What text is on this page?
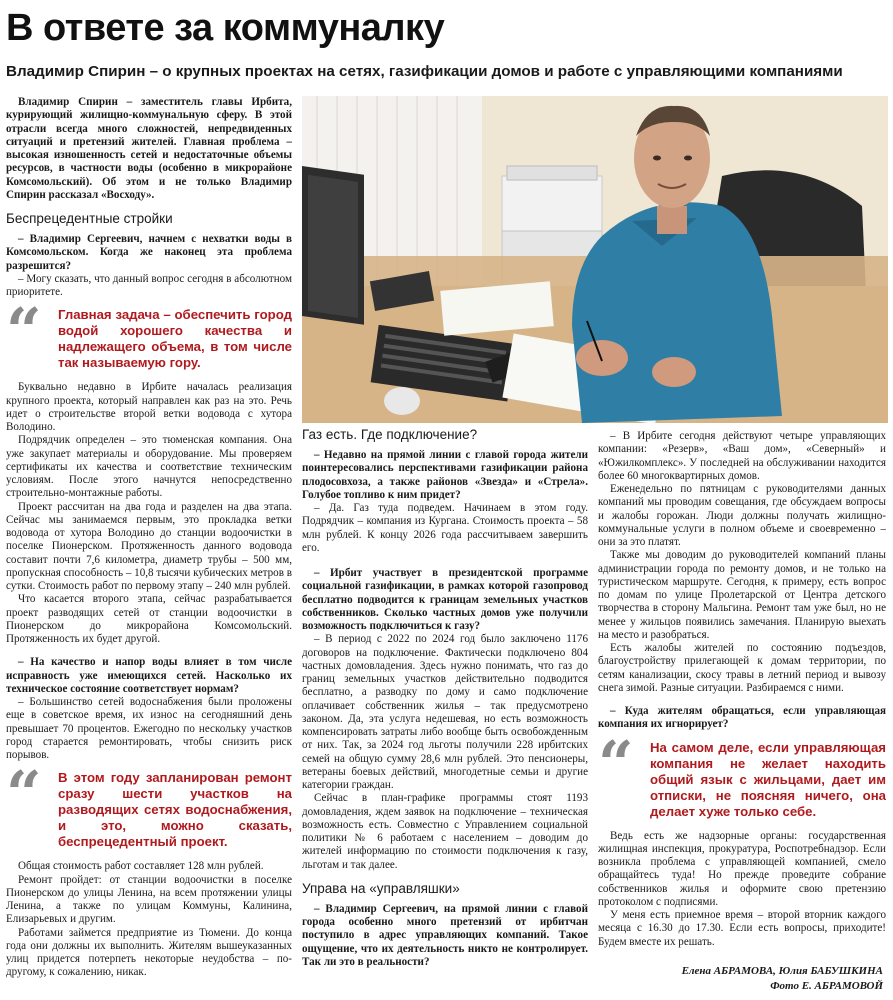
В ответе за коммуналку
Владимир Спирин – о крупных проектах на сетях, газификации домов и работе с управляющими компаниями

Владимир Спирин – заместитель главы Ирбита, курирующий жилищно-коммунальную сферу. В этой отрасли всегда много сложностей, непредвиденных ситуаций и претензий жителей. Главная проблема – высокая изношенность сетей и недостаточные объемы ресурсов, в частности воды (особенно в микрорайоне Комсомольский). Об этом и не только Владимир Спирин рассказал «Восходу».

Беспрецедентные стройки

– Владимир Сергеевич, начнем с нехватки воды в Комсомольском. Когда же наконец эта проблема разрешится?

– Могу сказать, что данный вопрос сегодня в абсолютном приоритете.

“	Главная задача – обеспечить город водой хорошего качества и надлежащего объема, в том числе так называемую гору.

Буквально недавно в Ирбите началась реализация крупного проекта, который направлен как раз на это. Речь идет о строительстве второй ветки водовода с хутора Володино.

Подрядчик определен – это тюменская компания. Она уже закупает материалы и оборудование. Мы проверяем сертификаты их качества и соответствие техническим условиям. После этого начнутся непосредственно строительно-монтажные работы.

Проект рассчитан на два года и разделен на два этапа. Сейчас мы занимаемся первым, это прокладка ветки водовода от хутора Володино до станции водоочистки в поселке Пионерском. Протяженность данного водовода составит почти 7,6 километра, диаметр трубы – 500 мм, пропускная способность – 10,8 тысячи кубических метров в сутки. Стоимость работ по первому этапу – 240 млн рублей.

Что касается второго этапа, сейчас разрабатывается проект разводящих сетей от станции водоочистки в Пионерском до микрорайона Комсомольский. Протяженность их будет другой.

– На качество и напор воды влияет в том числе исправность уже имеющихся сетей. Насколько их техническое состояние соответствует нормам?

– Большинство сетей водоснабжения были проложены еще в советское время, их износ на сегодняшний день превышает 70 процентов. Ежегодно по нескольку участков город старается ремонтировать, чтобы снизить риск порывов.

“	В этом году запланирован ремонт сразу шести участков на разводящих сетях водоснабжения, и это, можно сказать, беспрецедентный проект.

Общая стоимость работ составляет 128 млн рублей.

Ремонт пройдет: от станции водоочистки в поселке Пионерском до улицы Ленина, на всем протяжении улицы Ленина, а также по улицам Коммуны, Калинина, Елизарьевых и другим.

Работами займется предприятие из Тюмени. До конца года они должны их выполнить. Жителям вышеуказанных улиц придется потерпеть некоторые неудобства – по-другому, к сожалению, никак.

Газ есть. Где подключение?

– Недавно на прямой линии с главой города жители поинтересовались перспективами газификации района плодосовхоза, а также районов «Звезда» и «Стрела». Голубое топливо к ним придет?

– Да. Газ туда подведем. Начинаем в этом году. Подрядчик – компания из Кургана. Стоимость проекта – 58 млн рублей. К концу 2026 года рассчитываем завершить его.

– Ирбит участвует в президентской программе социальной газификации, в рамках которой газопровод бесплатно подводится к границам земельных участков собственников. Сколько частных домов уже получили возможность подключиться к газу?

– В период с 2022 по 2024 год было заключено 1176 договоров на подключение. Фактически подключено 804 частных домовладения. Здесь нужно понимать, что газ до границ земельных участков действительно подводится бесплатно, а разводку по дому и само подключение оплачивает собственник жилья – так предусмотрено законом. Да, эта услуга недешевая, но есть возможность компенсировать затраты либо вообще быть освобожденным от них. Так, за 2024 год льготы получили 228 ирбитских семей на общую сумму 28,6 млн рублей. Это пенсионеры, ветераны боевых действий, многодетные семьи и другие категории граждан.

Сейчас в план-графике программы стоят 1193 домовладения, ждем заявок на подключение – техническая возможность есть. Совместно с Управлением социальной политики № 6 работаем с населением – доводим до жителей информацию по стоимости подключения к газу, льготам и так далее.

Управа на «управляшки»

– Владимир Сергеевич, на прямой линии с главой города особенно много претензий от ирбитчан поступило в адрес управляющих компаний. Такое ощущение, что их деятельность никто не контролирует. Так ли это в реальности?

– В Ирбите сегодня действуют четыре управляющих компании: «Резерв», «Ваш дом», «Северный» и «Южилкомплекс». У последней на обслуживании находится более 60 многоквартирных домов.

Еженедельно по пятницам с руководителями данных компаний мы проводим совещания, где обсуждаем вопросы и жалобы горожан. Люди должны получать жилищно-коммунальные услуги в полном объеме и своевременно – они за это платят.

Также мы доводим до руководителей компаний планы администрации города по ремонту домов, и не только на туристическом маршруте. Сегодня, к примеру, есть вопрос по домам по улице Пролетарской от Центра детского творчества в сторону Мальгина. Ремонт там уже был, но не менее у жильцов появились замечания. Планирую выехать на место и разобраться.

Есть жалобы жителей по состоянию подъездов, благоустройству прилегающей к домам территории, по сетям канализации, скосу травы в летний период и вывозу снега зимой. Разные ситуации. Разбираемся с ними.

– Куда жителям обращаться, если управляющая компания их игнорирует?

“	На самом деле, если управляющая компания не желает находить общий язык с жильцами, дает им отписки, не поясняя ничего, она делает хуже только себе.

Ведь есть же надзорные органы: государственная жилищная инспекция, прокуратура, Роспотребнадзор. Если возникла проблема с управляющей компанией, смело обращайтесь туда! Но прежде проведите собрание собственников жилья и оформите свою претензию протоколом с подписями.

У меня есть приемное время – второй вторник каждого месяца с 16.30 до 17.30. Если есть вопросы, приходите! Будем вместе их решать.

Елена АБРАМОВА, Юлия БАБУШКИНА
Фото Е. АБРАМОВОЙ
